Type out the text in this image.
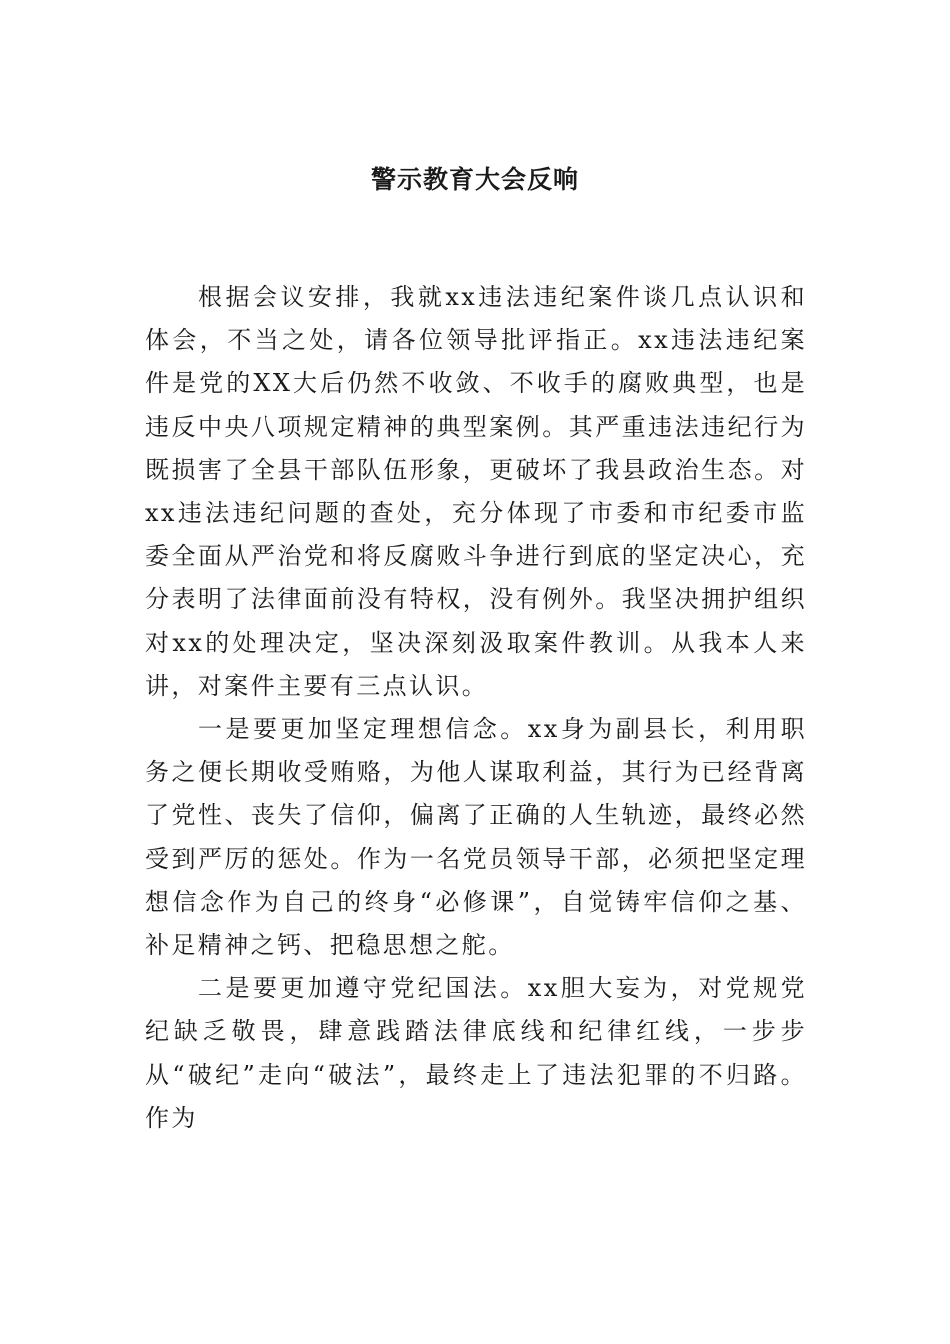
警示教育大会反响

根据会议安排，我就xx违法违纪案件谈几点认识和体会，不当之处，请各位领导批评指正。xx违法违纪案件是党的XX大后仍然不收敛、不收手的腐败典型，也是违反中央八项规定精神的典型案例。其严重违法违纪行为既损害了全县干部队伍形象，更破坏了我县政治生态。对xx违法违纪问题的查处，充分体现了市委和市纪委市监委全面从严治党和将反腐败斗争进行到底的坚定决心，充分表明了法律面前没有特权，没有例外。我坚决拥护组织对xx的处理决定，坚决深刻汲取案件教训。从我本人来讲，对案件主要有三点认识。

一是要更加坚定理想信念。xx身为副县长，利用职务之便长期收受贿赂，为他人谋取利益，其行为已经背离了党性、丧失了信仰，偏离了正确的人生轨迹，最终必然受到严厉的惩处。作为一名党员领导干部，必须把坚定理想信念作为自己的终身“必修课”，自觉铸牢信仰之基、补足精神之钙、把稳思想之舵。

二是要更加遵守党纪国法。xx胆大妄为，对党规党纪缺乏敬畏，肆意践踏法律底线和纪律红线，一步步从“破纪”走向“破法”，最终走上了违法犯罪的不归路。作为
